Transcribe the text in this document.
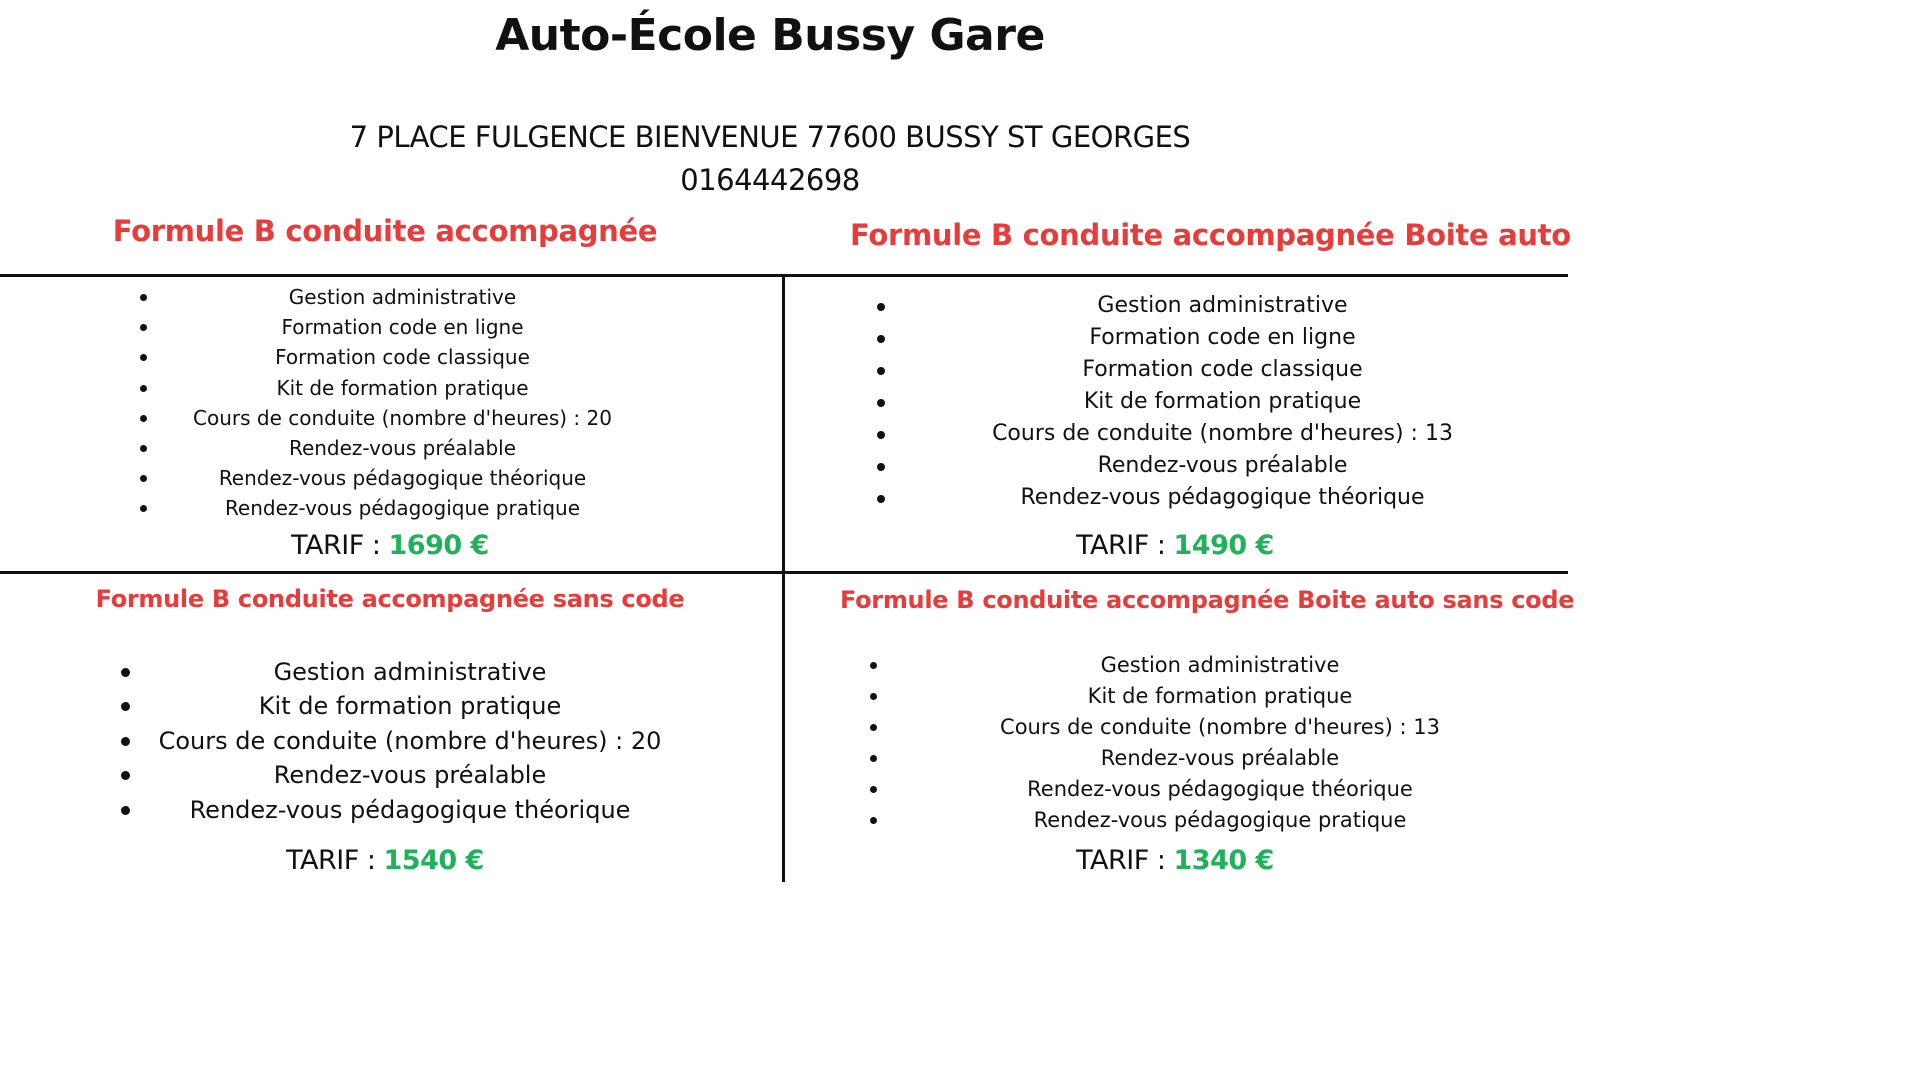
Auto-École Bussy Gare
7 PLACE FULGENCE BIENVENUE 77600 BUSSY ST GEORGES
0164442698
Formule B conduite accompagnée
Gestion administrative
Formation code en ligne
Formation code classique
Kit de formation pratique
Cours de conduite (nombre d'heures) : 20
Rendez-vous préalable
Rendez-vous pédagogique théorique
Rendez-vous pédagogique pratique
TARIF : 1690 €
Formule B conduite accompagnée Boite auto
Gestion administrative
Formation code en ligne
Formation code classique
Kit de formation pratique
Cours de conduite (nombre d'heures) : 13
Rendez-vous préalable
Rendez-vous pédagogique théorique
TARIF : 1490 €
Formule B conduite accompagnée sans code
Gestion administrative
Kit de formation pratique
Cours de conduite (nombre d'heures) : 20
Rendez-vous préalable
Rendez-vous pédagogique théorique
TARIF : 1540 €
Formule B conduite accompagnée Boite auto sans code
Gestion administrative
Kit de formation pratique
Cours de conduite (nombre d'heures) : 13
Rendez-vous préalable
Rendez-vous pédagogique théorique
Rendez-vous pédagogique pratique
TARIF : 1340 €
